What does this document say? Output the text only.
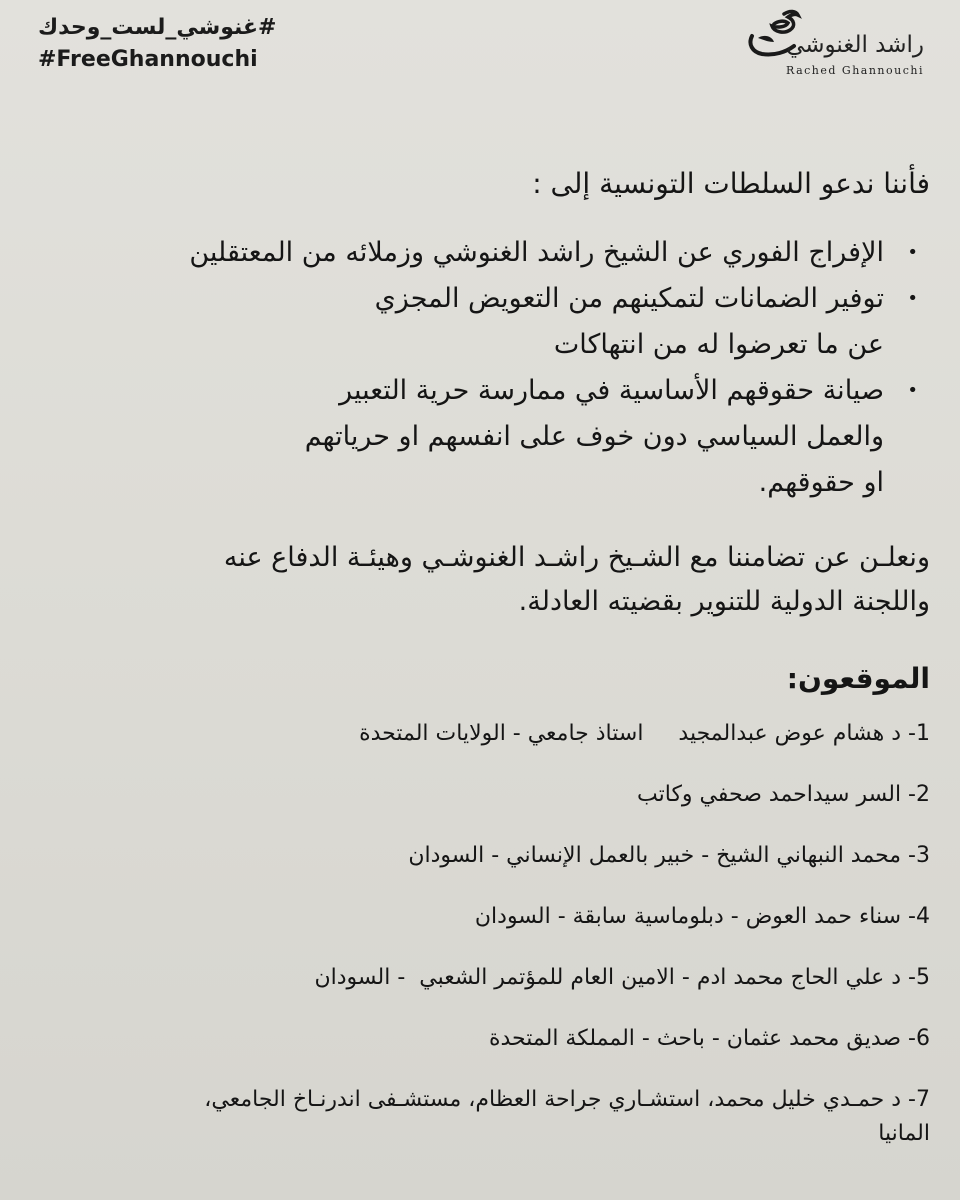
#غنوشي_لست_وحدك
#FreeGhannouchi
راشد الغنوشي
Rached Ghannouchi

فأننا ندعو السلطات التونسية إلى :

• الإفراج الفوري عن الشيخ راشد الغنوشي وزملائه من المعتقلين
• توفير الضمانات لتمكينهم من التعويض المجزي
عن ما تعرضوا له من انتهاكات
• صيانة حقوقهم الأساسية في ممارسة حرية التعبير
والعمل السياسي دون خوف على انفسهم او حرياتهم
او حقوقهم.
ونعلـن عن تضامننا مع الشـيخ راشـد الغنوشـي وهيئـة الدفاع عنه
واللجنة الدولية للتنوير بقضيته العادلة.
الموقعون:
1- د هشام عوض عبدالمجيد     استاذ جامعي - الولايات المتحدة
2- السر سيداحمد صحفي وكاتب
3- محمد النبهاني الشيخ - خبير بالعمل الإنساني - السودان
4- سناء حمد العوض - دبلوماسية سابقة - السودان
5- د علي الحاج محمد ادم - الامين العام للمؤتمر الشعبي  - السودان
6- صديق محمد عثمان - باحث - المملكة المتحدة
7- د حمـدي خليل محمد، استشـاري جراحة العظام، مستشـفى اندرنـاخ الجامعي،
المانيا
